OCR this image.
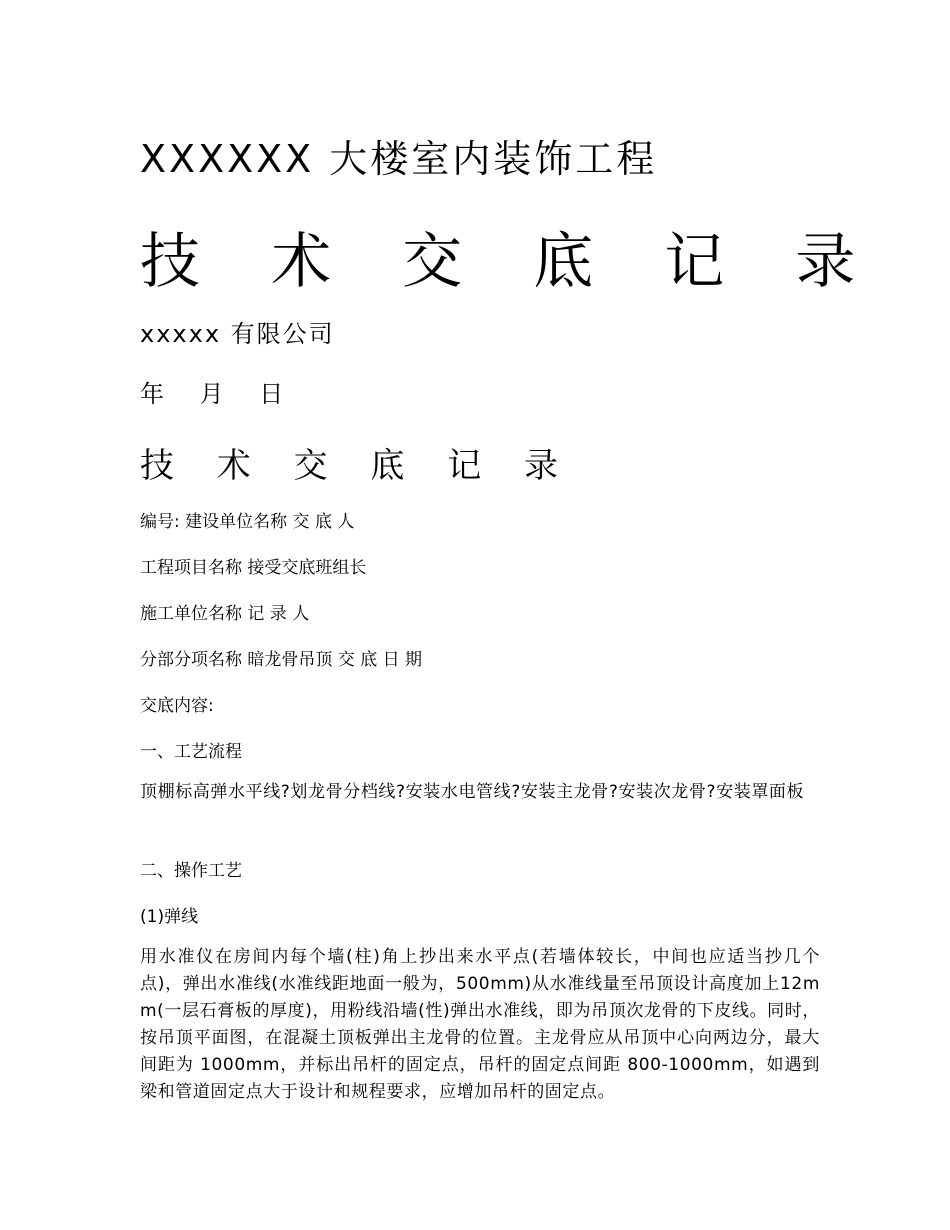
XXXXXX 大楼室内装饰工程
技 术 交 底 记 录
xxxxx 有限公司
年 月 日
技 术 交 底 记 录
编号: 建设单位名称 交 底 人
工程项目名称 接受交底班组长
施工单位名称 记 录 人
分部分项名称 暗龙骨吊顶 交 底 日 期
交底内容:
一、工艺流程
顶棚标高弹水平线?划龙骨分档线?安装水电管线?安装主龙骨?安装次龙骨?安装罩面板
二、操作工艺
(1)弹线
用水准仪在房间内每个墙(柱)角上抄出来水平点(若墙体较长，中间也应适当抄几个点)，弹出水准线(水准线距地面一般为，500mm)从水准线量至吊顶设计高度加上12mm(一层石膏板的厚度)，用粉线沿墙(性)弹出水准线，即为吊顶次龙骨的下皮线。同时，按吊顶平面图，在混凝土顶板弹出主龙骨的位置。主龙骨应从吊顶中心向两边分，最大间距为 1000mm，并标出吊杆的固定点，吊杆的固定点间距 800-1000mm，如遇到梁和管道固定点大于设计和规程要求，应增加吊杆的固定点。
